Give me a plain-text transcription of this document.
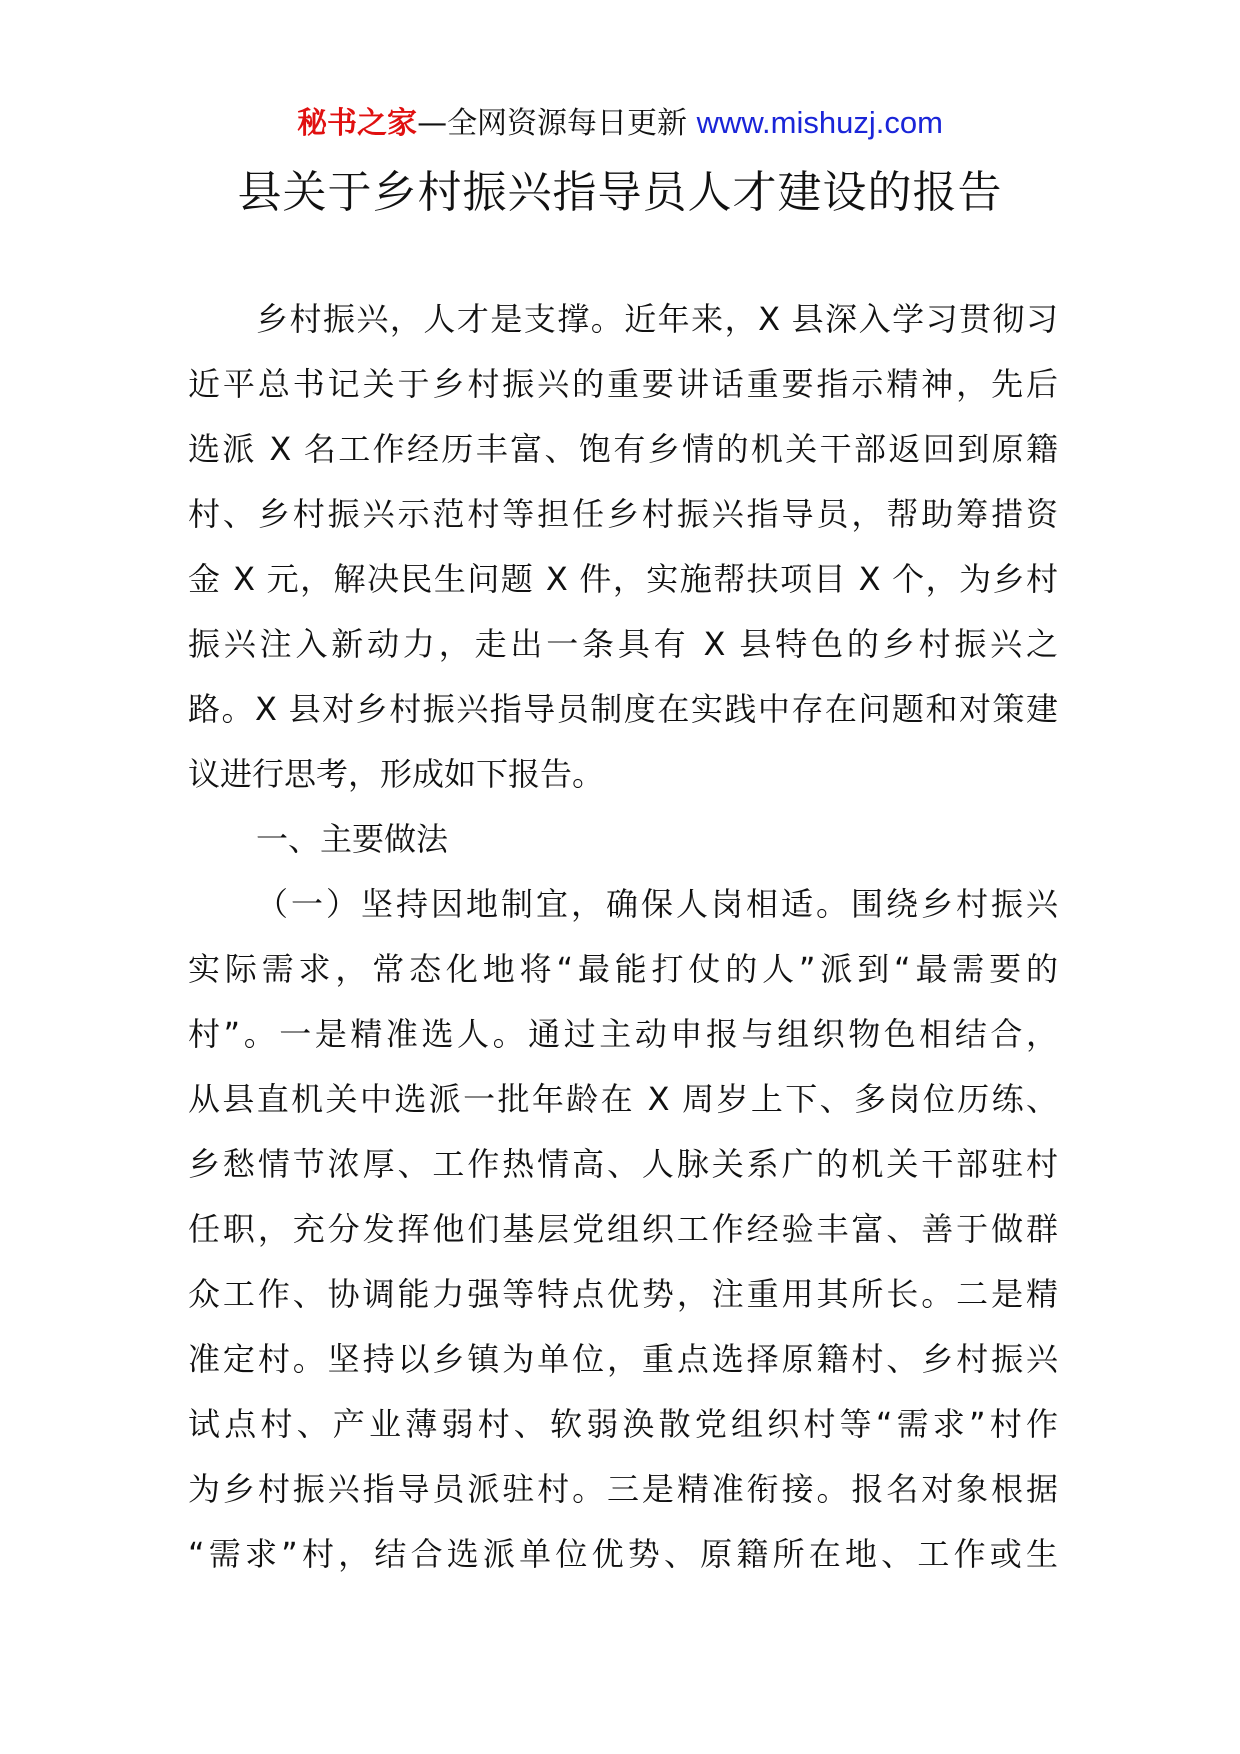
秘书之家—全网资源每日更新 www.mishuzj.com
县关于乡村振兴指导员人才建设的报告
乡村振兴，人才是支撑。近年来，X 县深入学习贯彻习
近平总书记关于乡村振兴的重要讲话重要指示精神，先后
选派 X 名工作经历丰富、饱有乡情的机关干部返回到原籍
村、乡村振兴示范村等担任乡村振兴指导员，帮助筹措资
金 X 元，解决民生问题 X 件，实施帮扶项目 X 个，为乡村
振兴注入新动力，走出一条具有 X 县特色的乡村振兴之
路。X 县对乡村振兴指导员制度在实践中存在问题和对策建
议进行思考，形成如下报告。
一、主要做法
（一）坚持因地制宜，确保人岗相适。围绕乡村振兴
实际需求，常态化地将“最能打仗的人”派到“最需要的
村”。一是精准选人。通过主动申报与组织物色相结合，
从县直机关中选派一批年龄在 X 周岁上下、多岗位历练、
乡愁情节浓厚、工作热情高、人脉关系广的机关干部驻村
任职，充分发挥他们基层党组织工作经验丰富、善于做群
众工作、协调能力强等特点优势，注重用其所长。二是精
准定村。坚持以乡镇为单位，重点选择原籍村、乡村振兴
试点村、产业薄弱村、软弱涣散党组织村等“需求”村作
为乡村振兴指导员派驻村。三是精准衔接。报名对象根据
“需求”村，结合选派单位优势、原籍所在地、工作或生
